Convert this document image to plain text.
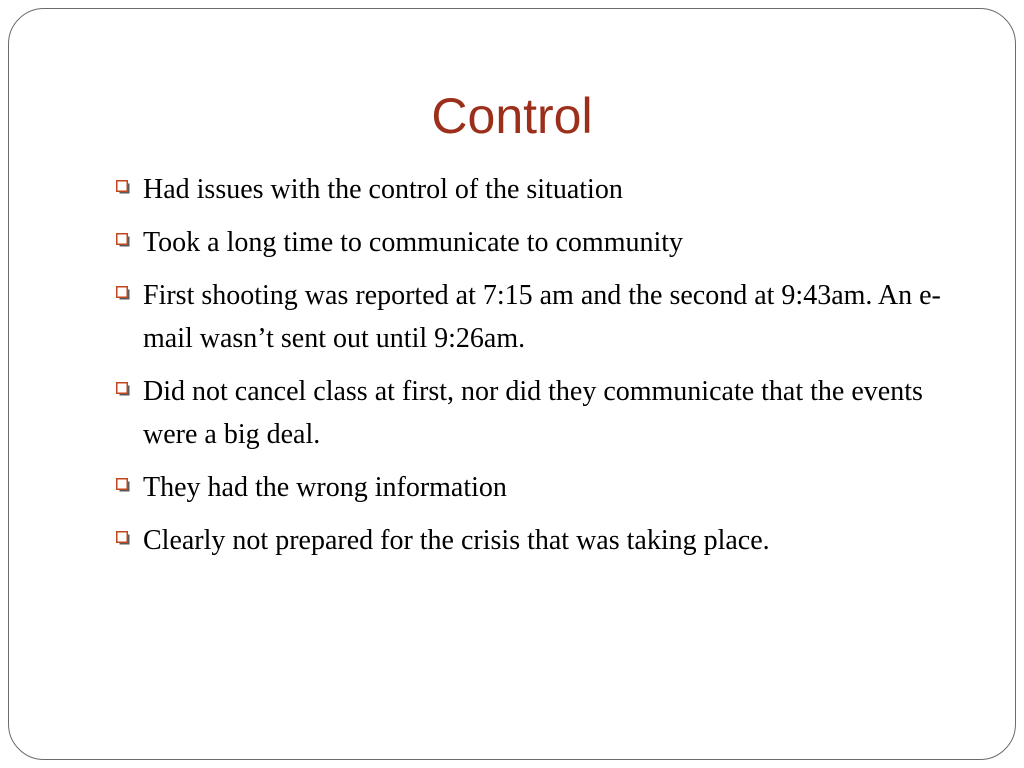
Control
Had issues with the control of the situation
Took a long time to communicate to community
First shooting was reported at 7:15 am and the second at 9:43am. An e-mail wasn’t sent out until 9:26am.
Did not cancel class at first, nor did they communicate that the events were a big deal.
They had the wrong information
Clearly not prepared for the crisis that was taking place.
